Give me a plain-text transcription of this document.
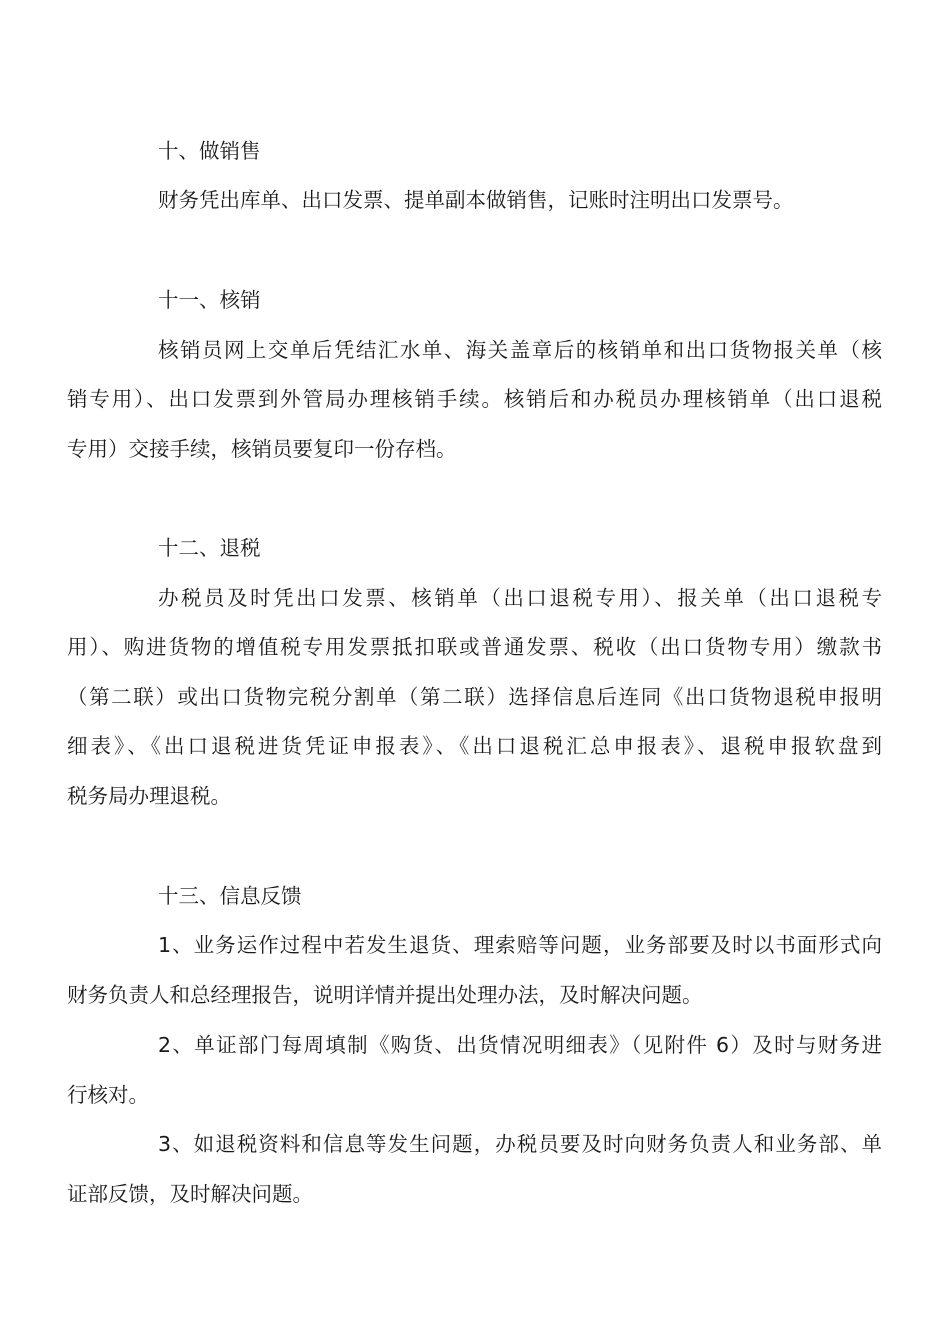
十、做销售
财务凭出库单、出口发票、提单副本做销售，记账时注明出口发票号。
十一、核销
核销员网上交单后凭结汇水单、海关盖章后的核销单和出口货物报关单（核
销专用）、出口发票到外管局办理核销手续。核销后和办税员办理核销单（出口退税
专用）交接手续，核销员要复印一份存档。
十二、退税
办税员及时凭出口发票、核销单（出口退税专用）、报关单（出口退税专
用）、购进货物的增值税专用发票抵扣联或普通发票、税收（出口货物专用）缴款书
（第二联）或出口货物完税分割单（第二联）选择信息后连同《出口货物退税申报明
细表》、《出口退税进货凭证申报表》、《出口退税汇总申报表》、退税申报软盘到
税务局办理退税。
十三、信息反馈
1、业务运作过程中若发生退货、理索赔等问题，业务部要及时以书面形式向
财务负责人和总经理报告，说明详情并提出处理办法，及时解决问题。
2、单证部门每周填制《购货、出货情况明细表》（见附件 6）及时与财务进
行核对。
3、如退税资料和信息等发生问题，办税员要及时向财务负责人和业务部、单
证部反馈，及时解决问题。
